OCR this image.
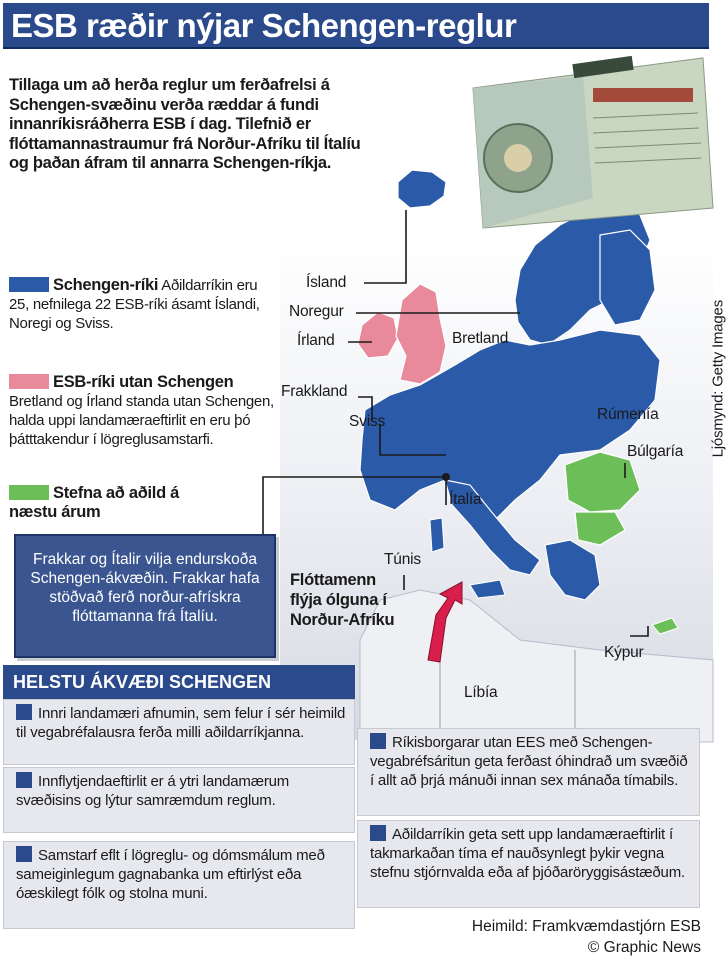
ESB ræðir nýjar Schengen-reglur
Ljósmynd: Getty Images
Tillaga um að herða reglur um ferðafrelsi á Schengen-svæðinu verða ræddar á fundi innanríkisráðherra ESB í dag. Tilefnið er flóttamannastraumur frá Norður-Afríku til Ítalíu og þaðan áfram til annarra Schengen-ríkja.
Schengen-ríki Aðildarríkin eru 25, nefnilega 22 ESB-ríki ásamt Íslandi, Noregi og Sviss.
ESB-ríki utan Schengen
Bretland og Írland standa utan Schengen, halda uppi landamæraeftirlit en eru þó þátttakendur í lögreglusamstarfi.
Stefna að aðild á næstu árum
Ísland
Noregur
Írland	Bretland
Frakkland
Sviss	Rúmenía
Búlgaría
Ítalía
Túnis
Kýpur
Líbía
Frakkar og Ítalir vilja endurskoða Schengen-ákvæðin. Frakkar hafa stöðvað ferð norður-afrískra flóttamanna frá Ítalíu.
Flóttamenn flýja ólguna í Norður-Afríku
HELSTU ÁKVÆÐI SCHENGEN
Innri landamæri afnumin, sem felur í sér heimild til vegabréfalausra ferða milli aðildarríkjanna.
Innflytjendaeftirlit er á ytri landamærum svæðisins og lýtur samræmdum reglum.
Samstarf eflt í lögreglu- og dómsmálum með sameiginlegum gagnabanka um eftirlýst eða óæskilegt fólk og stolna muni.
Ríkisborgarar utan EES með Schengen-vegabréfsáritun geta ferðast óhindrað um svæðið í allt að þrjá mánuði innan sex mánaða tímabils.
Aðildarríkin geta sett upp landamæraeftirlit í takmarkaðan tíma ef nauðsynlegt þykir vegna stefnu stjórnvalda eða af þjóðaröryggisástæðum.
Heimild: Framkvæmdastjórn ESB
© Graphic News
